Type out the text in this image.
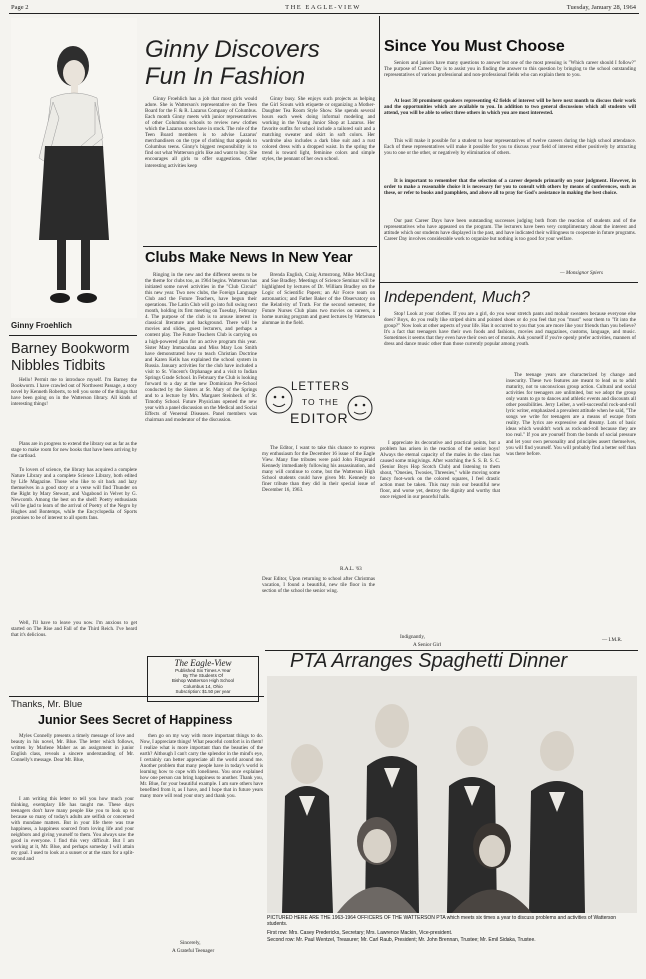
Page 2	THE EAGLE-VIEW	Tuesday, January 28, 1964
Ginny Froehlich
Barney Bookworm
Nibbles Tidbits
Hello! Permit me to introduce myself. I'm Barney the Bookworm. I have crawled out of Northwest Passage, a story novel by Kenneth Roberts, to tell you some of the things that have been going on in the Watterson library. All kinds of interesting things!
Plans are in progress to extend the library out as far as the stage to make room for new books that have been arriving by the cartload.
To lovers of science, the library has acquired a complete Nature Library and a complete Science Library, both edited by Life Magazine. Those who like to sit back and lazy themselves in a good story or a verse will find Thunder on the Right by Mary Stewart, and Vagabond in Velvet by G. Newcomb. Among the best on the shelf: Poetry enthusiasts will be glad to learn of the arrival of Poetry of the Negro by Hughes and Bontemps, while the Encyclopedia of Sports promises to be of interest to all sports fans.
Well, I'll have to leave you now. I'm anxious to get started on The Rise and Fall of the Third Reich. I've heard that it's delicious.
Thanks, Mr. Blue
Junior Sees Secret of Happiness
Myles Connelly presents a timely message of love and beauty in his novel, Mr. Blue. The letter which follows, written by Marlene Maher as an assignment in junior English class, reveals a sincere understanding of Mr. Connelly's message. Dear Mr. Blue,
I am writing this letter to tell you how much your thinking, exemplary life has taught me. These days teenagers don't have many people like you to look up to because so many of today's adults are selfish or concerned with mundane matters. But in your life there was true happiness, a happiness sourced from loving life and your neighbors and giving yourself to them. You always saw the good in everyone. I find this very difficult. But I am working at it, Mr. Blue, and perhaps someday I will attain my goal. I used to look at a sunset or at the stars for a split-second and
then go on my way with more important things to do. Now, I appreciate things! What peaceful comfort is in them! I realize what is more important than the beauties of the earth? Although I can't carry the splendor in the mind's eye, I certainly can better appreciate all the world around me. Another problem that many people have in today's world is learning how to cope with loneliness. You once explained how one person can bring happiness to another. Thank you, Mr. Blue, for your beautiful example. I am sure others have benefited from it, as I have, and I hope that in future years many more will read your story and thank you.
Sincerely,
A Grateful Teenager
Ginny Discovers
Fun In Fashion
Ginny Froehlich has a job that most girls would adore. She is Watterson's representative on the Teen Board for the F. & R. Lazarus Company of Columbus. Each month Ginny meets with junior representatives of other Columbus schools to review new clothes which the Lazarus stores have in stock. The role of the Teen Board members is to advise Lazarus' merchandisers on the type of clothing that appeals to Columbus teens. Ginny's biggest responsibility is to find out what Watterson girls like and want to buy. She encourages all girls to offer suggestions. Other interesting activities keep
Ginny busy. She enjoys such projects as helping the Girl Scouts with etiquette or organizing a Mother-Daughter Tea Room Style Show. She spends several hours each week doing informal modeling and working in the Young Junior Shop at Lazarus. Her favorite outfits for school include a tailored suit and a matching sweater and skirt in soft colors. Her wardrobe also includes a dark blue suit and a rust colored dress with a dropped waist. In the spring the trend is toward light, feminine colors and simple styles, the pennant of her own school.
Clubs Make News In New Year
Ringing in the new and the different seems to be the theme for clubs too, as 1964 begins. Watterson has initiated some novel activities in the "Club Circuit" this new year. Two new clubs, the Foreign Language Club and the Future Teachers, have begun their operations. The Latin Club will go into full swing next month, holding its first meeting on Tuesday, February 4. The purpose of the club is to arouse interest in classical literature and background. There will be movies and slides, guest lecturers, and perhaps a content play. The Future Teachers Club is carrying on a high-powered plan for an active program this year. Sister Mary Immaculata and Miss Mary Lou Smith have demonstrated how to teach Christian Doctrine and Karen Kells has explained the school system in Russia. January activities for the club have included a visit to St. Vincent's Orphanage and a visit to Indian Springs Grade School. In February the Club is looking forward to a day at the new Dominican Pre-School conducted by the Sisters at St. Mary of the Springs and to a lecture by Mrs. Margaret Steinbeck of St. Timothy School. Future Physicians opened the new year with a panel discussion on the Medical and Social Effects of Venereal Diseases. Panel members was chairman and moderator of the discussion.
Brenda English, Craig Armstrong, Mike McClung and Sue Bradley. Meetings of Science Seminar will be highlighted by lectures of Dr. William Bradley on the Logic of Scientific Papers; an Air Force team on astronautics; and Father Baker of the Observatory on the Relativity of Truth. For the second semester, the Future Nurses Club plans two movies on careers, a home nursing program and guest lectures by Watterson alumnae in the field.
LETTERS
TO THE
EDITOR
The Editor, I want to take this chance to express my enthusiasm for the December 16 issue of the Eagle View. Many fine tributes were paid John Fitzgerald Kennedy immediately following his assassination, and many will continue to come, but the Watterson High School students could have given Mr. Kennedy no finer tribute than they did in their special issue of December 16, 1963.
R.A.L. '63
Dear Editor, Upon returning to school after Christmas vacation, I found a beautiful, new tile floor in the section of the school the senior wing.
I appreciate its decorative and practical points, but a problem has arisen in the reaction of the senior boys! Always the eternal capacity of the males in the class has caused some misgivings. After watching the S. S. B. S. C. (Senior Boys Hop Scotch Club) and listening to them shout, "Onesies, Twosies, Threesies," while moving some fancy foot-work on the colored squares, I feel drastic action must be taken. This may ruin our beautiful new floor, and worse yet, destroy the dignity and worthy that once reigned in our peaceful halls.
Indignantly,
A Senior Girl
The Eagle-View
Published Six Times A Year
By The Students Of
Bishop Watterson High School
Columbus 14, Ohio
Subscription: $1.50 per year
Since You Must Choose
Seniors and juniors have many questions to answer but one of the most pressing is "Which career should I follow?" The purpose of Career Day is to assist you in finding the answer to this question by bringing to the school outstanding representatives of various professional and non-professional fields who can explain them to you.
At least 30 prominent speakers representing 42 fields of interest will be here next month to discuss their work and the opportunities which are available to you. In addition to two general discussions which all students will attend, you will be able to select three others in which you are most interested.
This will make it possible for a student to hear representatives of twelve careers during the high school attendance. Each of these representatives will make it possible for you to discuss your field of interest either positively by attracting you to one or the other, or negatively by elimination of others.
It is important to remember that the selection of a career depends primarily on your judgment. However, in order to make a reasonable choice it is necessary for you to consult with others by means of conferences, such as these, or refer to books and pamphlets, and above all to pray for God's assistance in making the best choice.
Our past Career Days have been outstanding successes judging both from the reaction of students and of the representatives who have appeared on the program. The lecturers have been very complimentary about the interest and attitude which our students have displayed in the past, and have indicated their willingness to cooperate in future programs. Career Day involves considerable work to organize but nothing is too good for your welfare.
— Monsignor Spiers
Independent, Much?
Stop! Look at your clothes. If you are a girl, do you wear stretch pants and mohair sweaters because everyone else does? Boys, do you really like striped shirts and pointed shoes or do you feel that you "must" wear them to "fit into the group?" Now look at other aspects of your life. Has it occurred to you that you are more like your friends than you believe? It's a fact that teenagers have their own foods and fashions, movies and magazines, customs, language, and music. Sometimes it seems that they even have their own set of morals. Ask yourself if you're openly prefer activities, manners of dress and dance music other than those currently popular among youth.
The teenage years are characterized by change and insecurity. These two features are meant to lead us to adult maturity, not to unconscious group action. Cultural and social activities for teenagers are unlimited, but we adopt the group only wants to go to dances and athletic events and discounts all other possibilities. Jerry Leiber, a well-successful rock-and-roll lyric writer, emphasized a prevalent attitude when he said, "The songs we write for teenagers are a means of escape from reality. The lyrics are expressive and dreamy. Lots of basic ideas which wouldn't work as rock-and-roll because they are too real." If you are yourself from the bonds of social pressure and let your own personality and principles assert themselves, you will find yourself. You will probably find a better self than was there before.
— I.M.R.
PTA Arranges Spaghetti Dinner
PICTURED HERE ARE THE 1963-1964 OFFICERS OF THE WATTERSON PTA which meets six times a year to discuss problems and activities of Watterson students.
First row: Mrs. Casey Predericks, Secretary; Mrs. Lawrence Mackin, Vice-president.
Second row: Mr. Paul Wentzel, Treasurer; Mr. Carl Raub, President; Mr. John Brennan, Trustee; Mr. Emil Sidaka, Trustee.
